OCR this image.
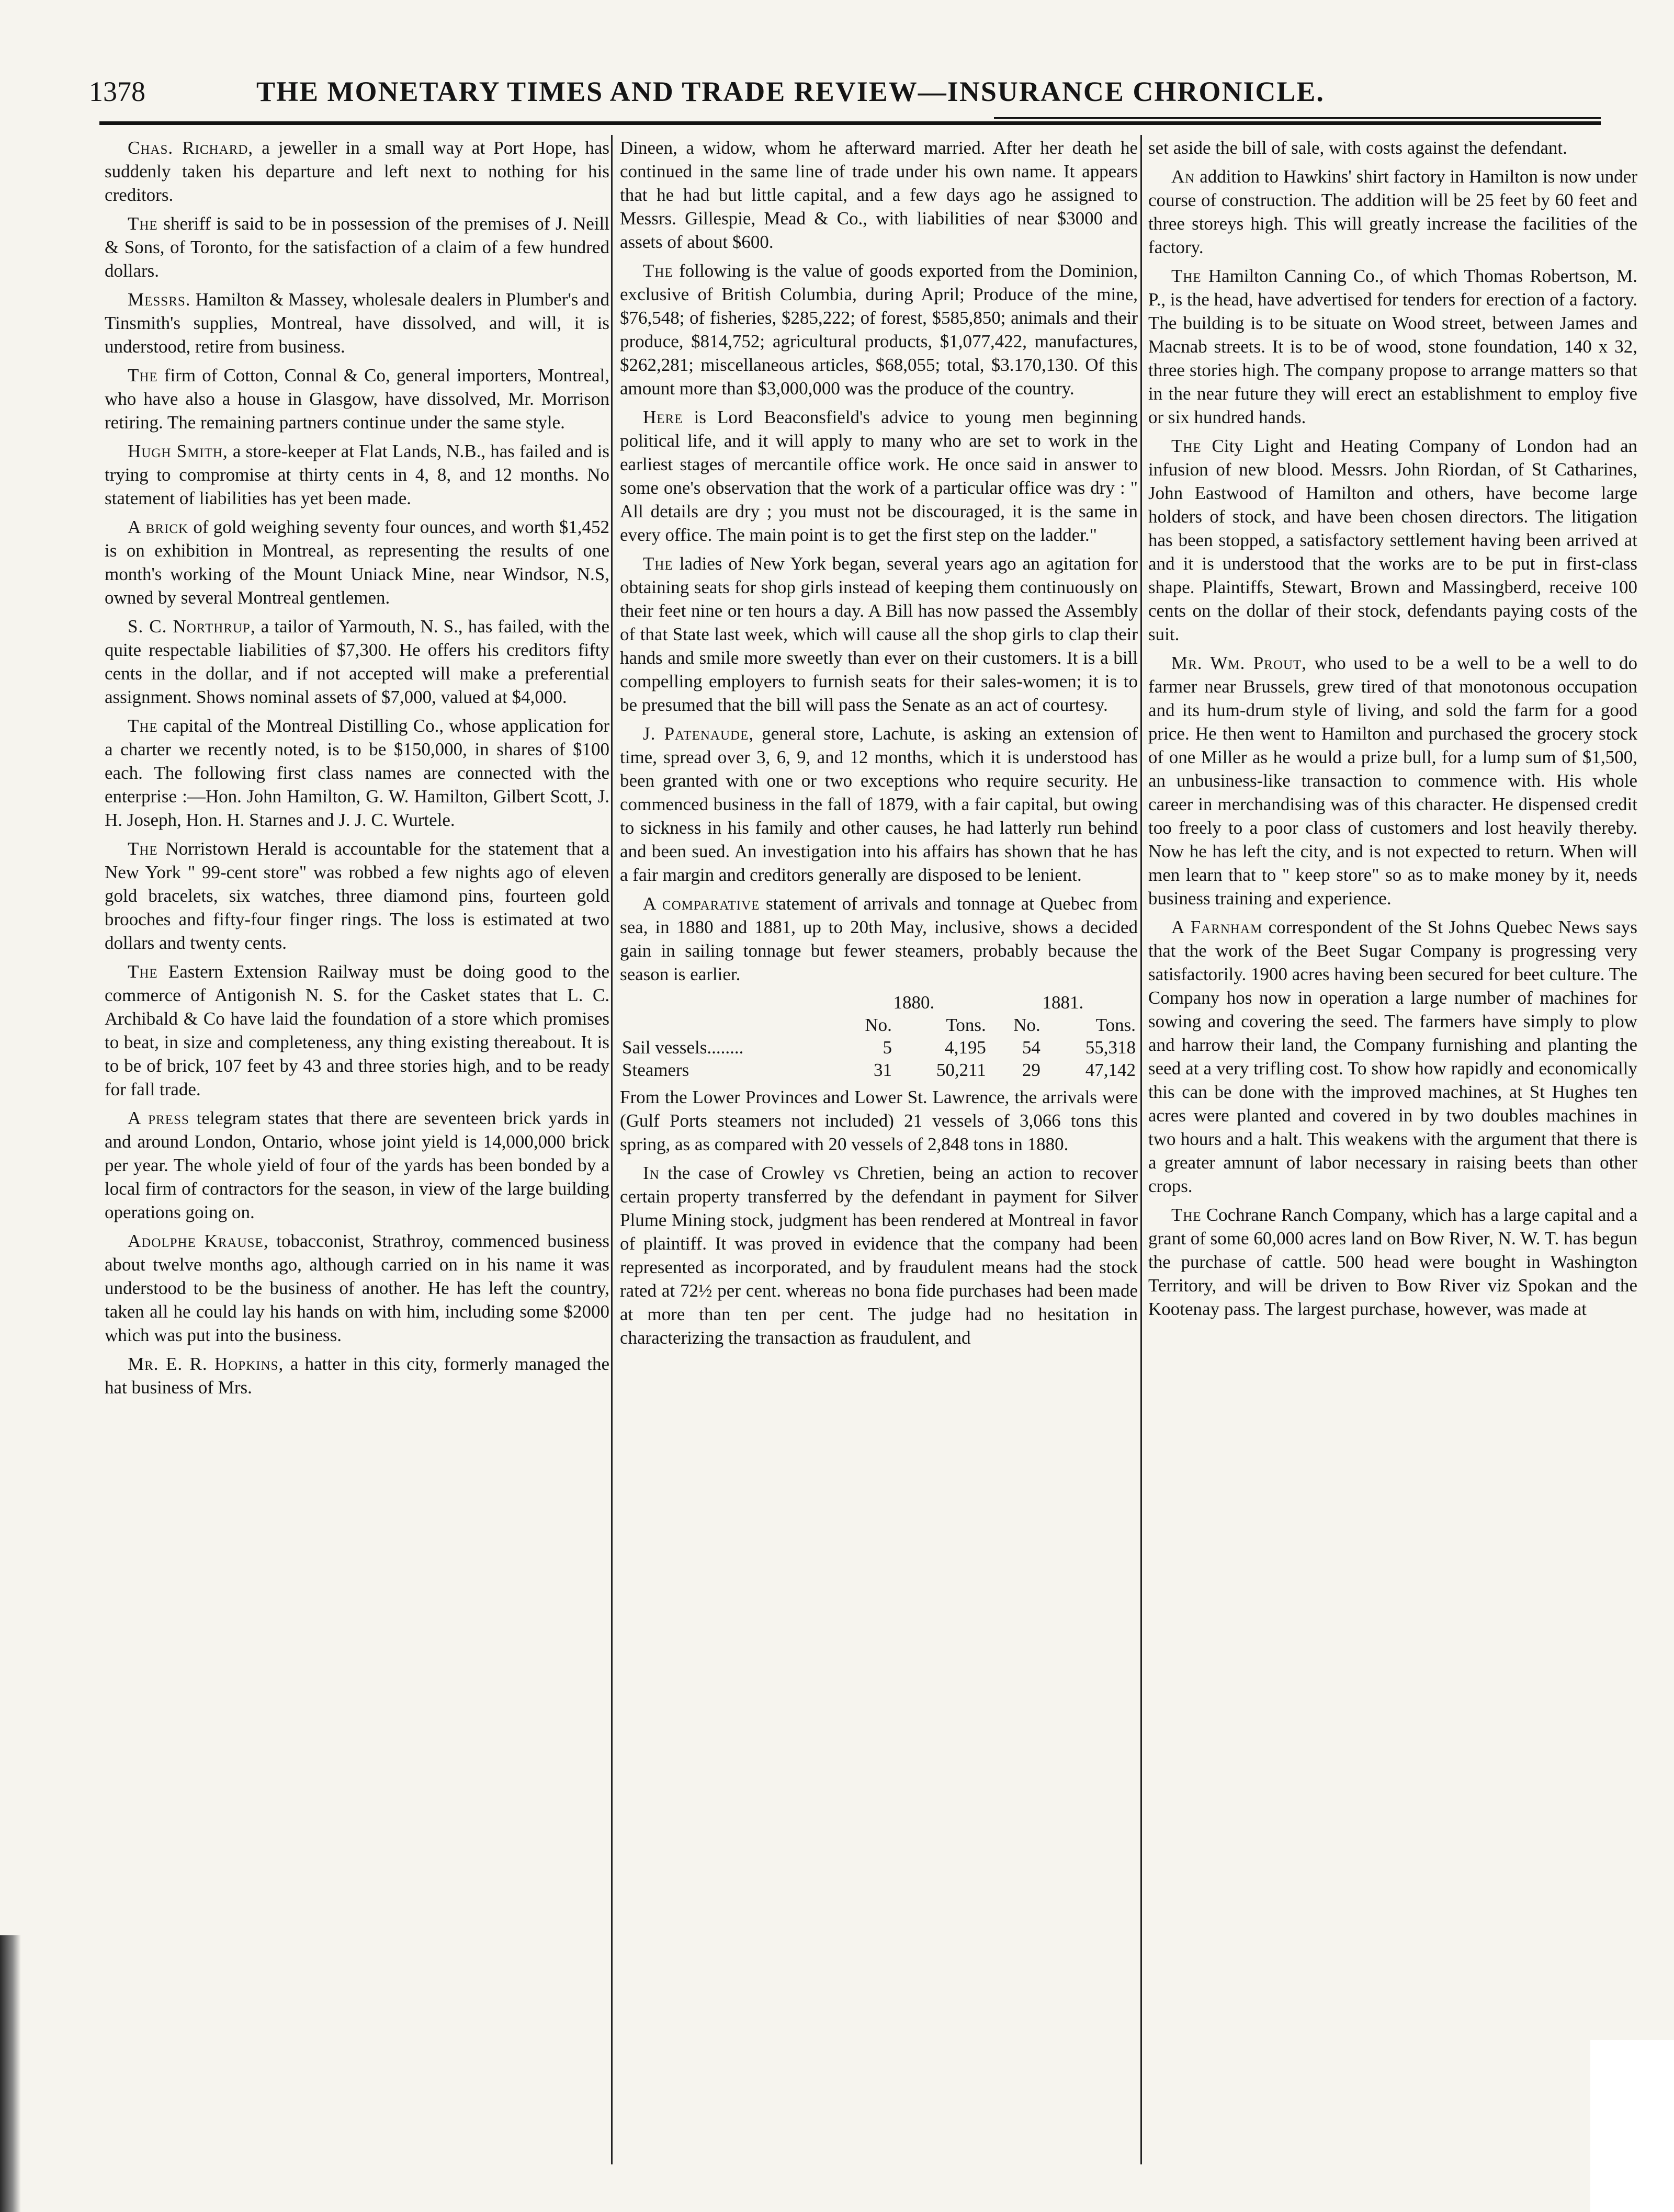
1378	THE MONETARY TIMES AND TRADE REVIEW—INSURANCE CHRONICLE.

Chas. Richard, a jeweller in a small way at Port Hope, has suddenly taken his departure and left next to nothing for his creditors.

The sheriff is said to be in possession of the premises of J. Neill & Sons, of Toronto, for the satisfaction of a claim of a few hundred dollars.

Messrs. Hamilton & Massey, wholesale dealers in Plumber's and Tinsmith's supplies, Montreal, have dissolved, and will, it is understood, retire from business.

The firm of Cotton, Connal & Co, general importers, Montreal, who have also a house in Glasgow, have dissolved, Mr. Morrison retiring. The remaining partners continue under the same style.

Hugh Smith, a store-keeper at Flat Lands, N.B., has failed and is trying to compromise at thirty cents in 4, 8, and 12 months. No statement of liabilities has yet been made.

A brick of gold weighing seventy four ounces, and worth $1,452 is on exhibition in Montreal, as representing the results of one month's working of the Mount Uniack Mine, near Windsor, N.S, owned by several Montreal gentlemen.

S. C. Northrup, a tailor of Yarmouth, N. S., has failed, with the quite respectable liabilities of $7,300. He offers his creditors fifty cents in the dollar, and if not accepted will make a preferential assignment. Shows nominal assets of $7,000, valued at $4,000.

The capital of the Montreal Distilling Co., whose application for a charter we recently noted, is to be $150,000, in shares of $100 each. The following first class names are connected with the enterprise :—Hon. John Hamilton, G. W. Hamilton, Gilbert Scott, J. H. Joseph, Hon. H. Starnes and J. J. C. Wurtele.

The Norristown Herald is accountable for the statement that a New York " 99-cent store" was robbed a few nights ago of eleven gold bracelets, six watches, three diamond pins, fourteen gold brooches and fifty-four finger rings. The loss is estimated at two dollars and twenty cents.

The Eastern Extension Railway must be doing good to the commerce of Antigonish N. S. for the Casket states that L. C. Archibald & Co have laid the foundation of a store which promises to beat, in size and completeness, any thing existing thereabout. It is to be of brick, 107 feet by 43 and three stories high, and to be ready for fall trade.

A press telegram states that there are seventeen brick yards in and around London, Ontario, whose joint yield is 14,000,000 brick per year. The whole yield of four of the yards has been bonded by a local firm of contractors for the season, in view of the large building operations going on.

Adolphe Krause, tobacconist, Strathroy, commenced business about twelve months ago, although carried on in his name it was understood to be the business of another. He has left the country, taken all he could lay his hands on with him, including some $2000 which was put into the business.

Mr. E. R. Hopkins, a hatter in this city, formerly managed the hat business of Mrs.

Dineen, a widow, whom he afterward married. After her death he continued in the same line of trade under his own name. It appears that he had but little capital, and a few days ago he assigned to Messrs. Gillespie, Mead & Co., with liabilities of near $3000 and assets of about $600.

The following is the value of goods exported from the Dominion, exclusive of British Columbia, during April; Produce of the mine, $76,548; of fisheries, $285,222; of forest, $585,850; animals and their produce, $814,752; agricultural products, $1,077,422, manufactures, $262,281; miscellaneous articles, $68,055; total, $3.170,130. Of this amount more than $3,000,000 was the produce of the country.

Here is Lord Beaconsfield's advice to young men beginning political life, and it will apply to many who are set to work in the earliest stages of mercantile office work. He once said in answer to some one's observation that the work of a particular office was dry : " All details are dry ; you must not be discouraged, it is the same in every office. The main point is to get the first step on the ladder."

The ladies of New York began, several years ago an agitation for obtaining seats for shop girls instead of keeping them continuously on their feet nine or ten hours a day. A Bill has now passed the Assembly of that State last week, which will cause all the shop girls to clap their hands and smile more sweetly than ever on their customers. It is a bill compelling employers to furnish seats for their sales-women; it is to be presumed that the bill will pass the Senate as an act of courtesy.

J. Patenaude, general store, Lachute, is asking an extension of time, spread over 3, 6, 9, and 12 months, which it is understood has been granted with one or two exceptions who require security. He commenced business in the fall of 1879, with a fair capital, but owing to sickness in his family and other causes, he had latterly run behind and been sued. An investigation into his affairs has shown that he has a fair margin and creditors generally are disposed to be lenient.

A comparative statement of arrivals and tonnage at Quebec from sea, in 1880 and 1881, up to 20th May, inclusive, shows a decided gain in sailing tonnage but fewer steamers, probably because the season is earlier.

	1880.		1881.	
	No.	Tons.	No.	Tons.
Sail vessels........	5	4,195	54	55,318
Steamers	31	50,211	29	47,142

From the Lower Provinces and Lower St. Lawrence, the arrivals were (Gulf Ports steamers not included) 21 vessels of 3,066 tons this spring, as as compared with 20 vessels of 2,848 tons in 1880.

In the case of Crowley vs Chretien, being an action to recover certain property transferred by the defendant in payment for Silver Plume Mining stock, judgment has been rendered at Montreal in favor of plaintiff. It was proved in evidence that the company had been represented as incorporated, and by fraudulent means had the stock rated at 72½ per cent. whereas no bona fide purchases had been made at more than ten per cent. The judge had no hesitation in characterizing the transaction as fraudulent, and

set aside the bill of sale, with costs against the defendant.

An addition to Hawkins' shirt factory in Hamilton is now under course of construction. The addition will be 25 feet by 60 feet and three storeys high. This will greatly increase the facilities of the factory.

The Hamilton Canning Co., of which Thomas Robertson, M. P., is the head, have advertised for tenders for erection of a factory. The building is to be situate on Wood street, between James and Macnab streets. It is to be of wood, stone foundation, 140 x 32, three stories high. The company propose to arrange matters so that in the near future they will erect an establishment to employ five or six hundred hands.

The City Light and Heating Company of London had an infusion of new blood. Messrs. John Riordan, of St Catharines, John Eastwood of Hamilton and others, have become large holders of stock, and have been chosen directors. The litigation has been stopped, a satisfactory settlement having been arrived at and it is understood that the works are to be put in first-class shape. Plaintiffs, Stewart, Brown and Massingberd, receive 100 cents on the dollar of their stock, defendants paying costs of the suit.

Mr. Wm. Prout, who used to be a well to be a well to do farmer near Brussels, grew tired of that monotonous occupation and its hum-drum style of living, and sold the farm for a good price. He then went to Hamilton and purchased the grocery stock of one Miller as he would a prize bull, for a lump sum of $1,500, an unbusiness-like transaction to commence with. His whole career in merchandising was of this character. He dispensed credit too freely to a poor class of customers and lost heavily thereby. Now he has left the city, and is not expected to return. When will men learn that to " keep store" so as to make money by it, needs business training and experience.

A Farnham correspondent of the St Johns Quebec News says that the work of the Beet Sugar Company is progressing very satisfactorily. 1900 acres having been secured for beet culture. The Company hos now in operation a large number of machines for sowing and covering the seed. The farmers have simply to plow and harrow their land, the Company furnishing and planting the seed at a very trifling cost. To show how rapidly and economically this can be done with the improved machines, at St Hughes ten acres were planted and covered in by two doubles machines in two hours and a halt. This weakens with the argument that there is a greater amnunt of labor necessary in raising beets than other crops.

The Cochrane Ranch Company, which has a large capital and a grant of some 60,000 acres land on Bow River, N. W. T. has begun the purchase of cattle. 500 head were bought in Washington Territory, and will be driven to Bow River viz Spokan and the Kootenay pass. The largest purchase, however, was made at
